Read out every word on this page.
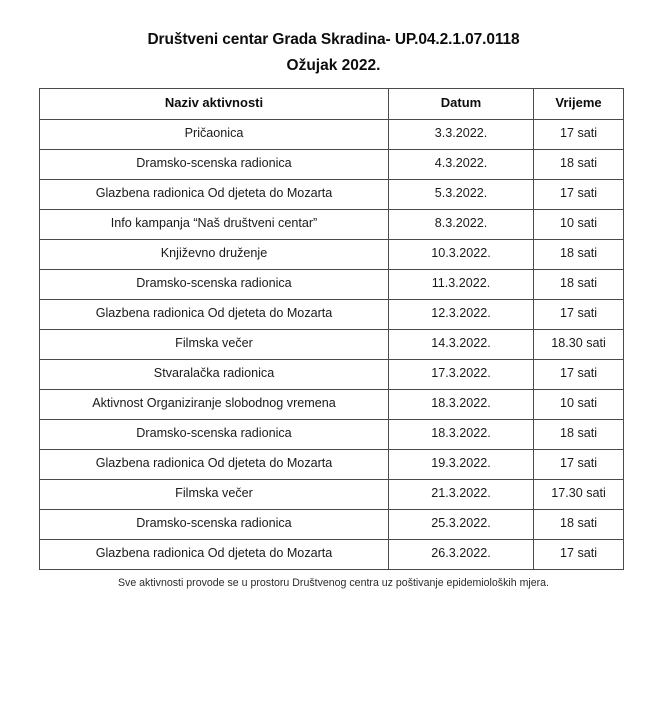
Društveni centar Grada Skradina- UP.04.2.1.07.0118
Ožujak 2022.
Naziv aktivnosti	Datum	Vrijeme
Pričaonica	3.3.2022.	17 sati
Dramsko-scenska radionica	4.3.2022.	18 sati
Glazbena radionica Od djeteta do Mozarta	5.3.2022.	17 sati
Info kampanja “Naš društveni centar”	8.3.2022.	10 sati
Književno druženje	10.3.2022.	18 sati
Dramsko-scenska radionica	11.3.2022.	18 sati
Glazbena radionica Od djeteta do Mozarta	12.3.2022.	17 sati
Filmska večer	14.3.2022.	18.30 sati
Stvaralačka radionica	17.3.2022.	17 sati
Aktivnost Organiziranje slobodnog vremena	18.3.2022.	10 sati
Dramsko-scenska radionica	18.3.2022.	18 sati
Glazbena radionica Od djeteta do Mozarta	19.3.2022.	17 sati
Filmska večer	21.3.2022.	17.30 sati
Dramsko-scenska radionica	25.3.2022.	18 sati
Glazbena radionica Od djeteta do Mozarta	26.3.2022.	17 sati
Sve aktivnosti provode se u prostoru Društvenog centra uz poštivanje epidemioloških mjera.
